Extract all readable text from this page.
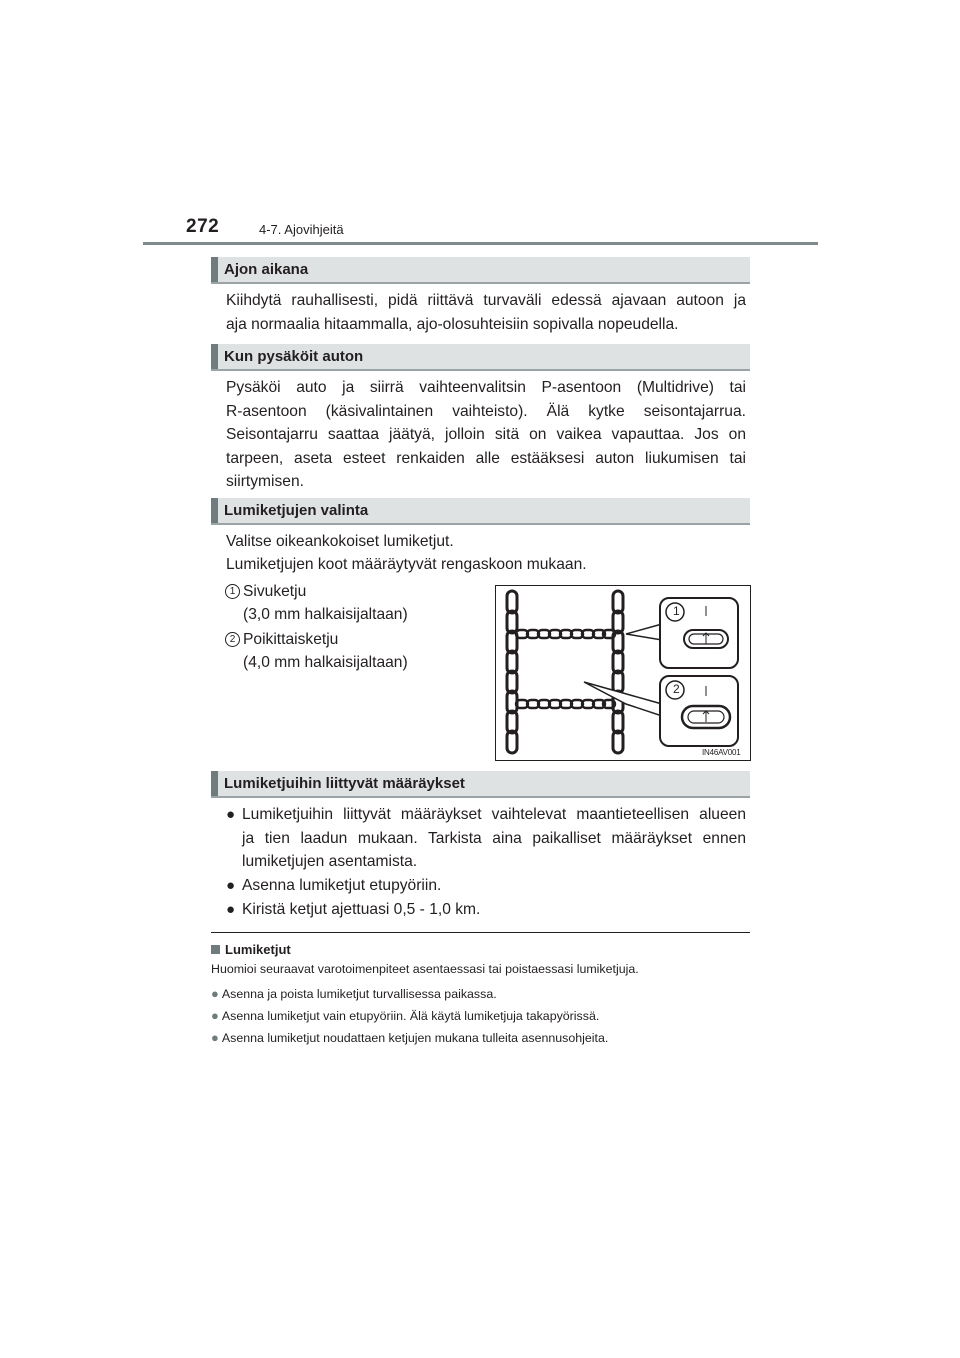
272	4-7. Ajovihjeitä
Ajon aikana
Kiihdytä rauhallisesti, pidä riittävä turvaväli edessä ajavaan autoon ja
aja normaalia hitaammalla, ajo-olosuhteisiin sopivalla nopeudella.
Kun pysäköit auton
Pysäköi auto ja siirrä vaihteenvalitsin P-asentoon (Multidrive) tai
R-asentoon (käsivalintainen vaihteisto). Älä kytke seisontajarrua.
Seisontajarru saattaa jäätyä, jolloin sitä on vaikea vapauttaa. Jos on
tarpeen, aseta esteet renkaiden alle estääksesi auton liukumisen tai
siirtymisen.
Lumiketjujen valinta
Valitse oikeankokoiset lumiketjut.
Lumiketjujen koot määräytyvät rengaskoon mukaan.
1 Sivuketju
(3,0 mm halkaisijaltaan)
2 Poikittaisketju
(4,0 mm halkaisijaltaan)
1
2
IN46AV001
Lumiketjuihin liittyvät määräykset
● Lumiketjuihin liittyvät määräykset vaihtelevat maantieteellisen alueen
ja tien laadun mukaan. Tarkista aina paikalliset määräykset ennen
lumiketjujen asentamista.
● Asenna lumiketjut etupyöriin.
● Kiristä ketjut ajettuasi 0,5 - 1,0 km.
Lumiketjut
Huomioi seuraavat varotoimenpiteet asentaessasi tai poistaessasi lumiketjuja.
● Asenna ja poista lumiketjut turvallisessa paikassa.
● Asenna lumiketjut vain etupyöriin. Älä käytä lumiketjuja takapyörissä.
● Asenna lumiketjut noudattaen ketjujen mukana tulleita asennusohjeita.
